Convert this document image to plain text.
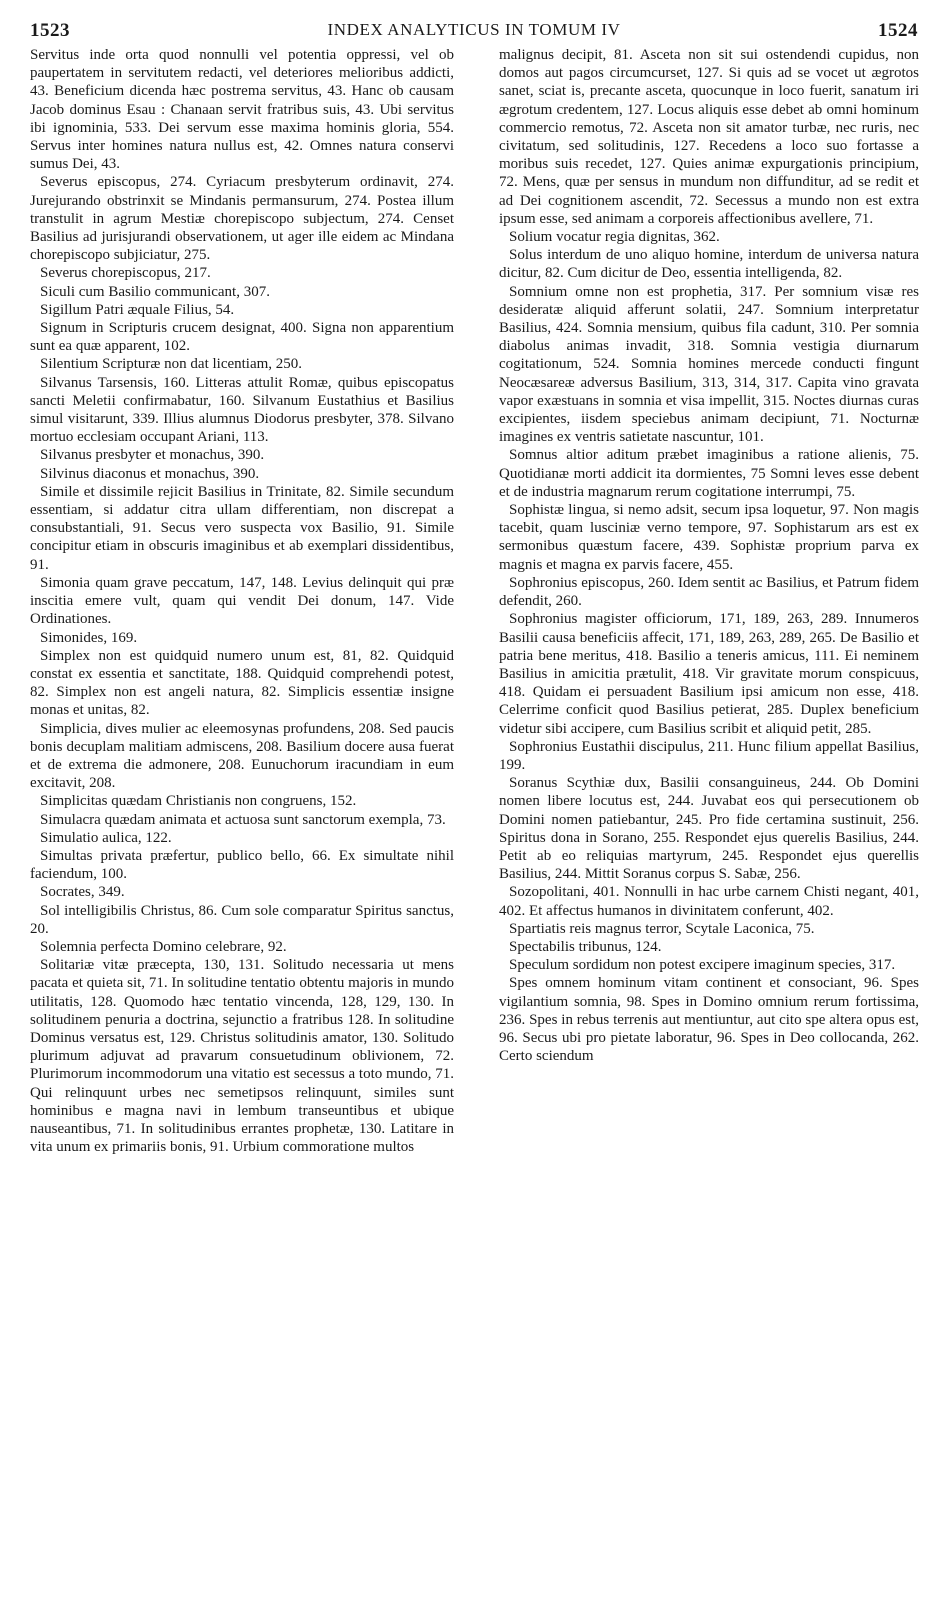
1523	INDEX ANALYTICUS IN TOMUM IV	1524

Servitus inde orta quod nonnulli vel potentia oppressi, vel ob paupertatem in servitutem redacti, vel deteriores melioribus addicti, 43. Beneficium dicenda hæc postrema servitus, 43. Hanc ob causam Jacob dominus Esau : Chanaan servit fratribus suis, 43. Ubi servitus ibi ignominia, 533. Dei servum esse maxima hominis gloria, 554. Servus inter homines natura nullus est, 42. Omnes natura conservi sumus Dei, 43.

Severus episcopus, 274. Cyriacum presbyterum ordinavit, 274. Jurejurando obstrinxit se Mindanis permansurum, 274. Postea illum transtulit in agrum Mestiæ chorepiscopo subjectum, 274. Censet Basilius ad jurisjurandi observationem, ut ager ille eidem ac Mindana chorepiscopo subjiciatur, 275.

Severus chorepiscopus, 217.

Siculi cum Basilio communicant, 307.

Sigillum Patri æquale Filius, 54.

Signum in Scripturis crucem designat, 400. Signa non apparentium sunt ea quæ apparent, 102.

Silentium Scripturæ non dat licentiam, 250.

Silvanus Tarsensis, 160. Litteras attulit Romæ, quibus episcopatus sancti Meletii confirmabatur, 160. Silvanum Eustathius et Basilius simul visitarunt, 339. Illius alumnus Diodorus presbyter, 378. Silvano mortuo ecclesiam occupant Ariani, 113.

Silvanus presbyter et monachus, 390.

Silvinus diaconus et monachus, 390.

Simile et dissimile rejicit Basilius in Trinitate, 82. Simile secundum essentiam, si addatur citra ullam differentiam, non discrepat a consubstantiali, 91. Secus vero suspecta vox Basilio, 91. Simile concipitur etiam in obscuris imaginibus et ab exemplari dissidentibus, 91.

Simonia quam grave peccatum, 147, 148. Levius delinquit qui præ inscitia emere vult, quam qui vendit Dei donum, 147. Vide Ordinationes.

Simonides, 169.

Simplex non est quidquid numero unum est, 81, 82. Quidquid constat ex essentia et sanctitate, 188. Quidquid comprehendi potest, 82. Simplex non est angeli natura, 82. Simplicis essentiæ insigne monas et unitas, 82.

Simplicia, dives mulier ac eleemosynas profundens, 208. Sed paucis bonis decuplam malitiam admiscens, 208. Basilium docere ausa fuerat et de extrema die admonere, 208. Eunuchorum iracundiam in eum excitavit, 208.

Simplicitas quædam Christianis non congruens, 152.

Simulacra quædam animata et actuosa sunt sanctorum exempla, 73.

Simulatio aulica, 122.

Simultas privata præfertur, publico bello, 66. Ex simultate nihil faciendum, 100.

Socrates, 349.

Sol intelligibilis Christus, 86. Cum sole comparatur Spiritus sanctus, 20.

Solemnia perfecta Domino celebrare, 92.

Solitariæ vitæ præcepta, 130, 131. Solitudo necessaria ut mens pacata et quieta sit, 71. In solitudine tentatio obtentu majoris in mundo utilitatis, 128. Quomodo hæc tentatio vincenda, 128, 129, 130. In solitudinem penuria a doctrina, sejunctio a fratribus 128. In solitudine Dominus versatus est, 129. Christus solitudinis amator, 130. Solitudo plurimum adjuvat ad pravarum consuetudinum oblivionem, 72. Plurimorum incommodorum una vitatio est secessus a toto mundo, 71. Qui relinquunt urbes nec semetipsos relinquunt, similes sunt hominibus e magna navi in lembum transeuntibus et ubique nauseantibus, 71. In solitudinibus errantes prophetæ, 130. Latitare in vita unum ex primariis bonis, 91. Urbium commoratione multos

malignus decipit, 81. Asceta non sit sui ostendendi cupidus, non domos aut pagos circumcurset, 127. Si quis ad se vocet ut ægrotos sanet, sciat is, precante asceta, quocunque in loco fuerit, sanatum iri ægrotum credentem, 127. Locus aliquis esse debet ab omni hominum commercio remotus, 72. Asceta non sit amator turbæ, nec ruris, nec civitatum, sed solitudinis, 127. Recedens a loco suo fortasse a moribus suis recedet, 127. Quies animæ expurgationis principium, 72. Mens, quæ per sensus in mundum non diffunditur, ad se redit et ad Dei cognitionem ascendit, 72. Secessus a mundo non est extra ipsum esse, sed animam a corporeis affectionibus avellere, 71.

Solium vocatur regia dignitas, 362.

Solus interdum de uno aliquo homine, interdum de universa natura dicitur, 82. Cum dicitur de Deo, essentia intelligenda, 82.

Somnium omne non est prophetia, 317. Per somnium visæ res desideratæ aliquid afferunt solatii, 247. Somnium interpretatur Basilius, 424. Somnia mensium, quibus fila cadunt, 310. Per somnia diabolus animas invadit, 318. Somnia vestigia diurnarum cogitationum, 524. Somnia homines mercede conducti fingunt Neocæsareæ adversus Basilium, 313, 314, 317. Capita vino gravata vapor exæstuans in somnia et visa impellit, 315. Noctes diurnas curas excipientes, iisdem speciebus animam decipiunt, 71. Nocturnæ imagines ex ventris satietate nascuntur, 101.

Somnus altior aditum præbet imaginibus a ratione alienis, 75. Quotidianæ morti addicit ita dormientes, 75 Somni leves esse debent et de industria magnarum rerum cogitatione interrumpi, 75.

Sophistæ lingua, si nemo adsit, secum ipsa loquetur, 97. Non magis tacebit, quam lusciniæ verno tempore, 97. Sophistarum ars est ex sermonibus quæstum facere, 439. Sophistæ proprium parva ex magnis et magna ex parvis facere, 455.

Sophronius episcopus, 260. Idem sentit ac Basilius, et Patrum fidem defendit, 260.

Sophronius magister officiorum, 171, 189, 263, 289. Innumeros Basilii causa beneficiis affecit, 171, 189, 263, 289, 265. De Basilio et patria bene meritus, 418. Basilio a teneris amicus, 111. Ei neminem Basilius in amicitia prætulit, 418. Vir gravitate morum conspicuus, 418. Quidam ei persuadent Basilium ipsi amicum non esse, 418. Celerrime conficit quod Basilius petierat, 285. Duplex beneficium videtur sibi accipere, cum Basilius scribit et aliquid petit, 285.

Sophronius Eustathii discipulus, 211. Hunc filium appellat Basilius, 199.

Soranus Scythiæ dux, Basilii consanguineus, 244. Ob Domini nomen libere locutus est, 244. Juvabat eos qui persecutionem ob Domini nomen patiebantur, 245. Pro fide certamina sustinuit, 256. Spiritus dona in Sorano, 255. Respondet ejus querelis Basilius, 244. Petit ab eo reliquias martyrum, 245. Respondet ejus querellis Basilius, 244. Mittit Soranus corpus S. Sabæ, 256.

Sozopolitani, 401. Nonnulli in hac urbe carnem Chisti negant, 401, 402. Et affectus humanos in divinitatem conferunt, 402.

Spartiatis reis magnus terror, Scytale Laconica, 75.

Spectabilis tribunus, 124.

Speculum sordidum non potest excipere imaginum species, 317.

Spes omnem hominum vitam continent et consociant, 96. Spes vigilantium somnia, 98. Spes in Domino omnium rerum fortissima, 236. Spes in rebus terrenis aut mentiuntur, aut cito spe altera opus est, 96. Secus ubi pro pietate laboratur, 96. Spes in Deo collocanda, 262. Certo sciendum
